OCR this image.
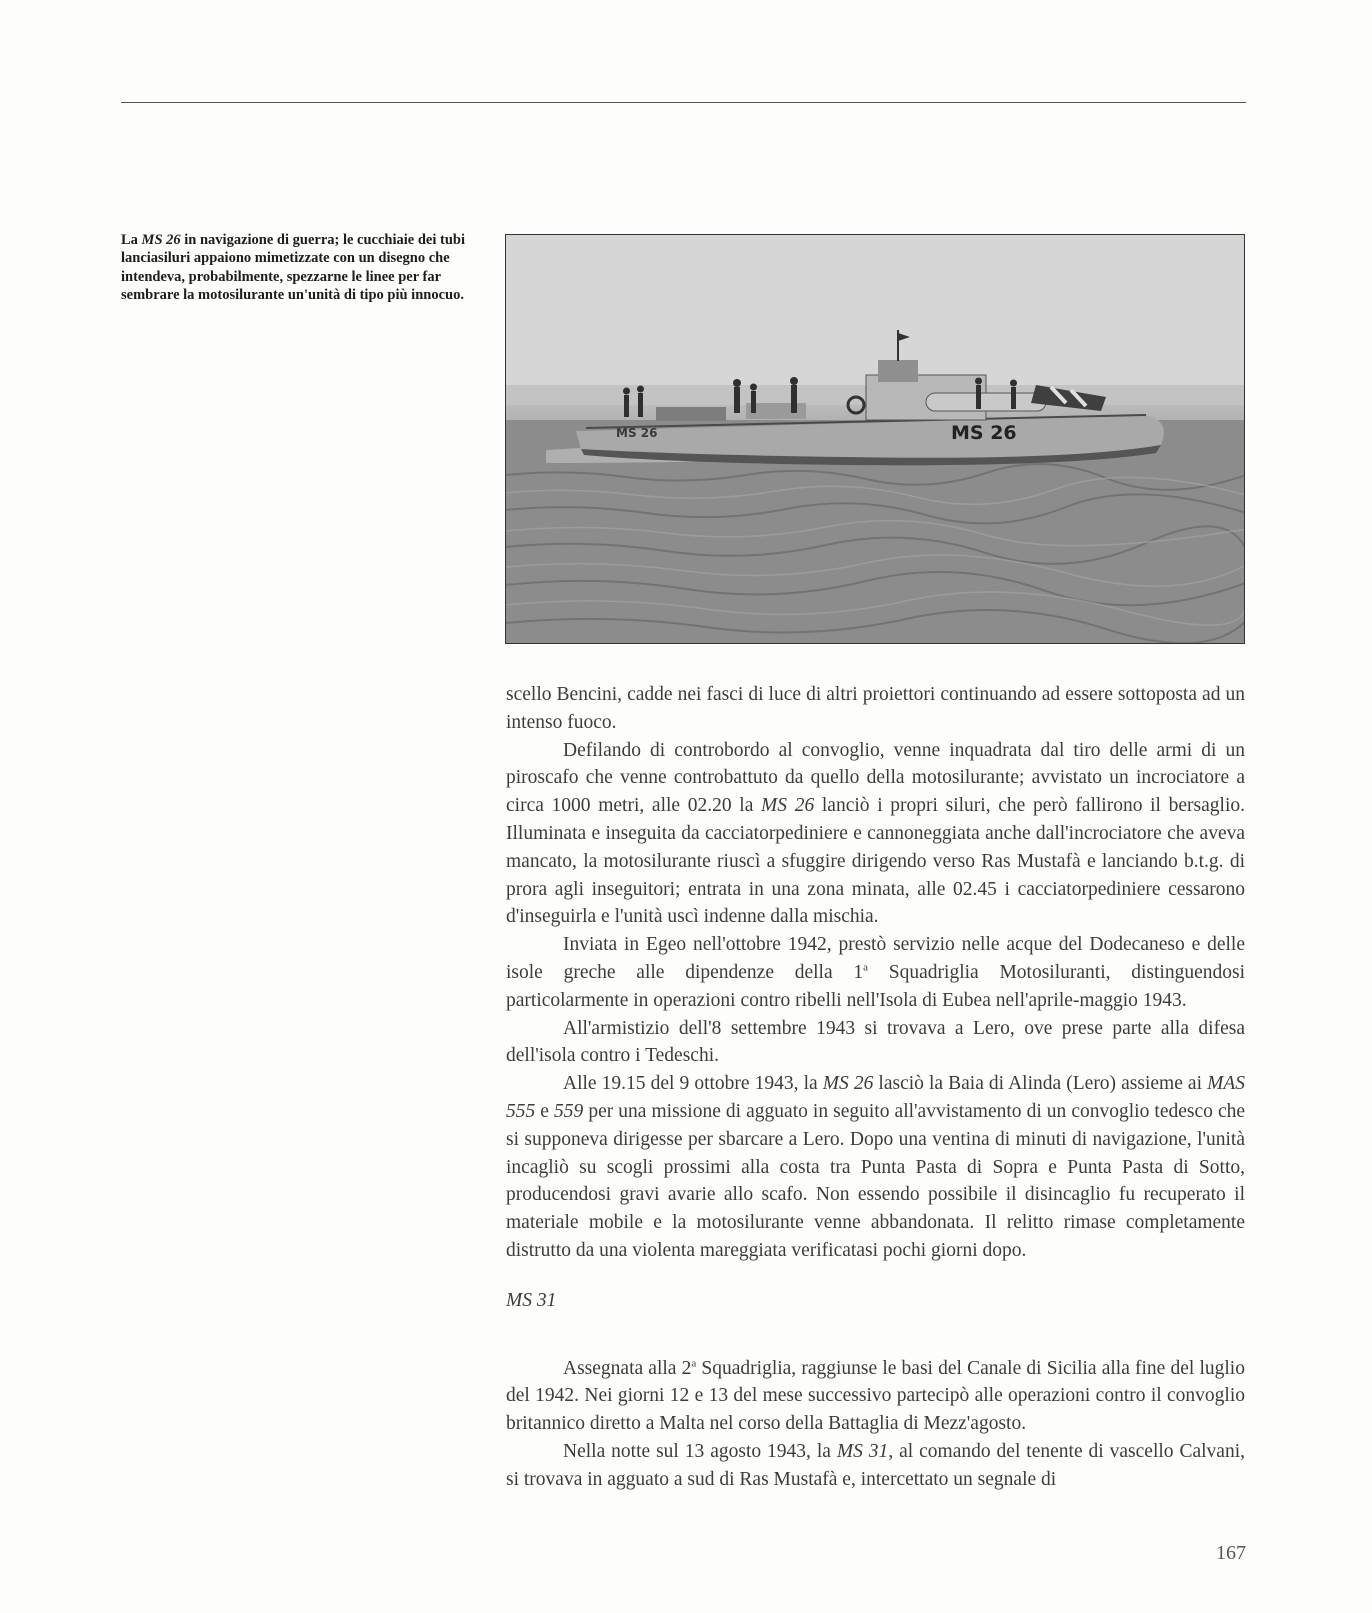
La MS 26 in navigazione di guerra; le cucchiaie dei tubi lanciasiluri appaiono mimetizzate con un disegno che intendeva, probabilmente, spezzarne le linee per far sembrare la motosilurante un'unità di tipo più innocuo.

MS 26	MS 26

scello Bencini, cadde nei fasci di luce di altri proiettori continuando ad essere sottoposta ad un intenso fuoco.

Defilando di controbordo al convoglio, venne inquadrata dal tiro delle armi di un piroscafo che venne controbattuto da quello della motosilurante; avvistato un incrociatore a circa 1000 metri, alle 02.20 la MS 26 lanciò i propri siluri, che però fallirono il bersaglio. Illuminata e inseguita da cacciatorpediniere e cannoneggiata anche dall'incrociatore che aveva mancato, la motosilurante riuscì a sfuggire dirigendo verso Ras Mustafà e lanciando b.t.g. di prora agli inseguitori; entrata in una zona minata, alle 02.45 i cacciatorpediniere cessarono d'inseguirla e l'unità uscì indenne dalla mischia.

Inviata in Egeo nell'ottobre 1942, prestò servizio nelle acque del Dodecaneso e delle isole greche alle dipendenze della 1$^a$ Squadriglia Motosiluranti, distinguendosi particolarmente in operazioni contro ribelli nell'Isola di Eubea nell'aprile-maggio 1943.

All'armistizio dell'8 settembre 1943 si trovava a Lero, ove prese parte alla difesa dell'isola contro i Tedeschi.

Alle 19.15 del 9 ottobre 1943, la MS 26 lasciò la Baia di Alinda (Lero) assieme ai MAS 555 e 559 per una missione di agguato in seguito all'avvistamento di un convoglio tedesco che si supponeva dirigesse per sbarcare a Lero. Dopo una ventina di minuti di navigazione, l'unità incagliò su scogli prossimi alla costa tra Punta Pasta di Sopra e Punta Pasta di Sotto, producendosi gravi avarie allo scafo. Non essendo possibile il disincaglio fu recuperato il materiale mobile e la motosilurante venne abbandonata. Il relitto rimase completamente distrutto da una violenta mareggiata verificatasi pochi giorni dopo.

MS 31

Assegnata alla 2$^a$ Squadriglia, raggiunse le basi del Canale di Sicilia alla fine del luglio del 1942. Nei giorni 12 e 13 del mese successivo partecipò alle operazioni contro il convoglio britannico diretto a Malta nel corso della Battaglia di Mezz'agosto.

Nella notte sul 13 agosto 1943, la MS 31, al comando del tenente di vascello Calvani, si trovava in agguato a sud di Ras Mustafà e, intercettato un segnale di

167
